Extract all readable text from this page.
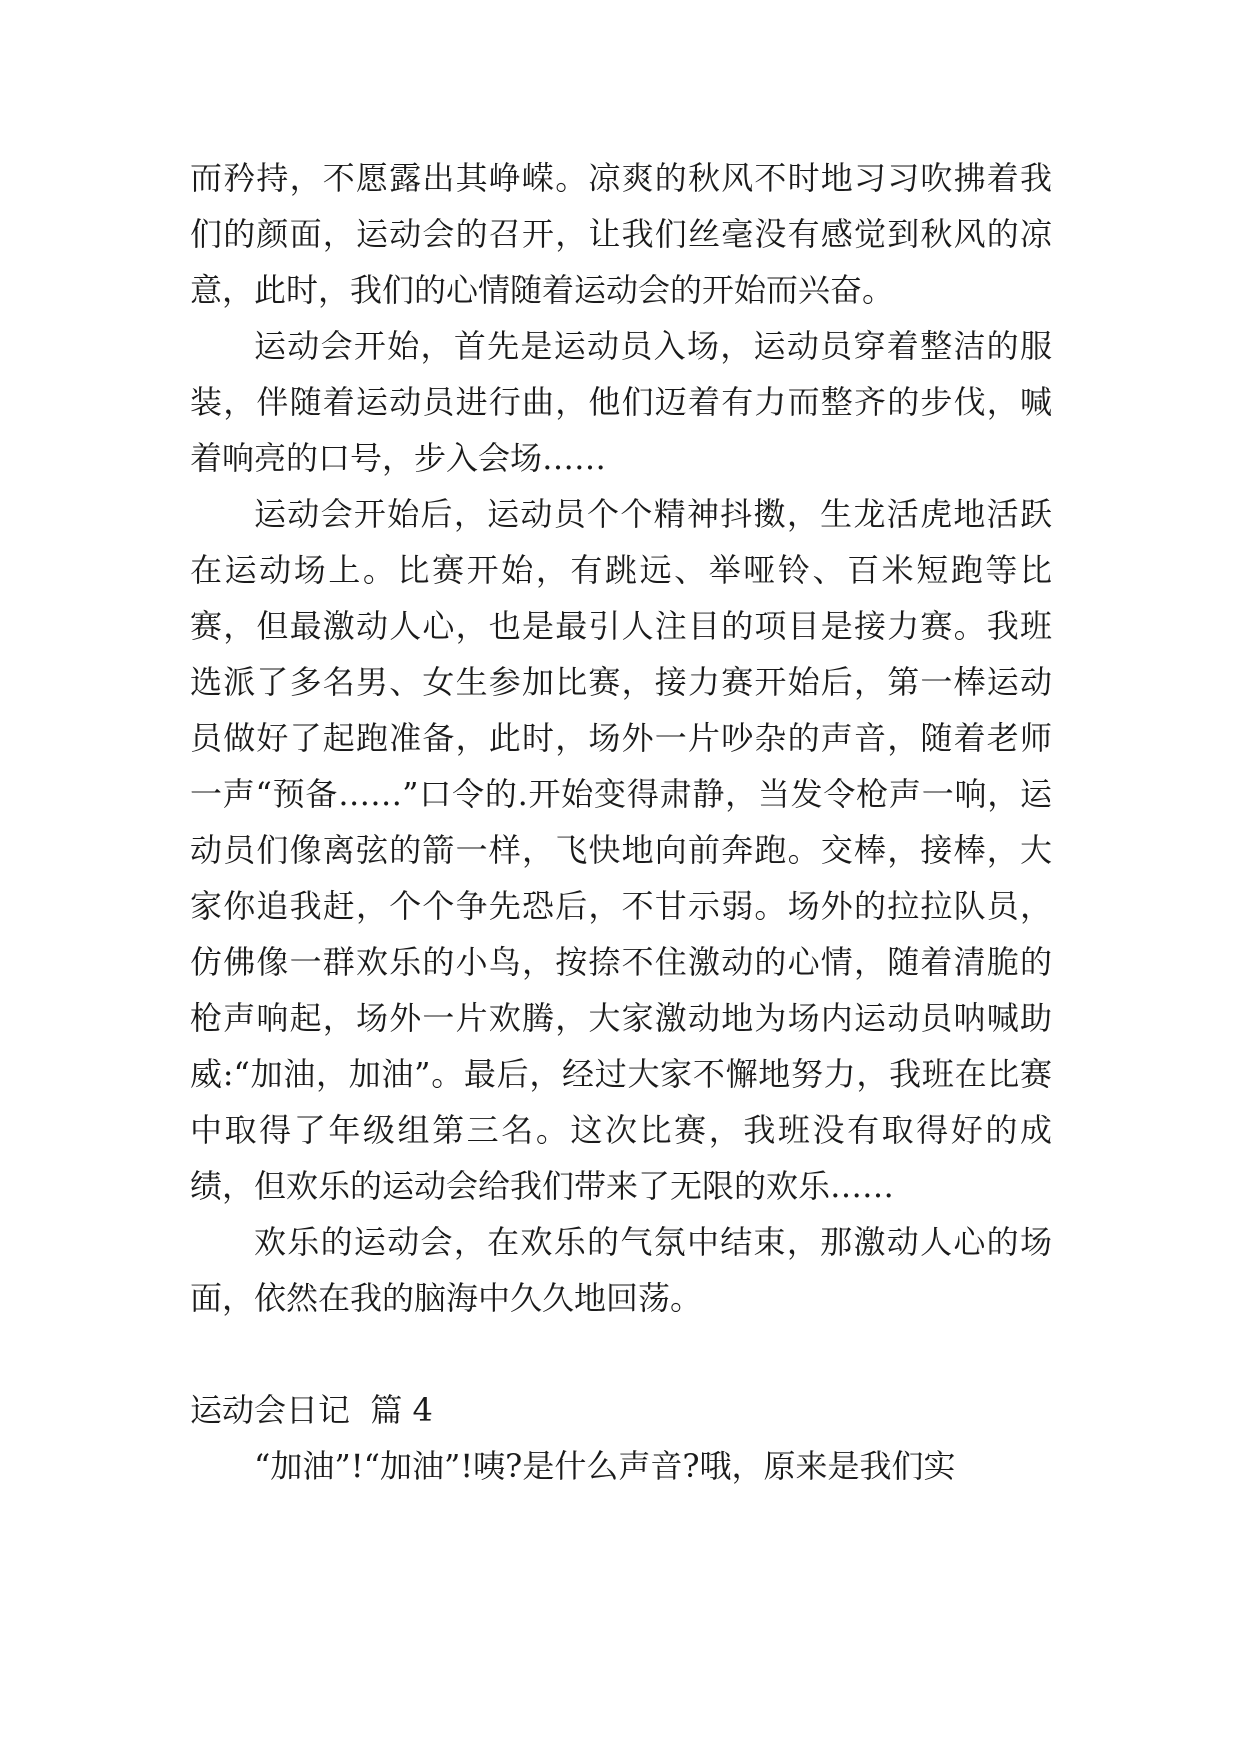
而矜持，不愿露出其峥嵘。凉爽的秋风不时地习习吹拂着我们的颜面，运动会的召开，让我们丝毫没有感觉到秋风的凉意，此时，我们的心情随着运动会的开始而兴奋。

运动会开始，首先是运动员入场，运动员穿着整洁的服装，伴随着运动员进行曲，他们迈着有力而整齐的步伐，喊着响亮的口号，步入会场……

运动会开始后，运动员个个精神抖擞，生龙活虎地活跃在运动场上。比赛开始，有跳远、举哑铃、百米短跑等比赛，但最激动人心，也是最引人注目的项目是接力赛。我班选派了多名男、女生参加比赛，接力赛开始后，第一棒运动员做好了起跑准备，此时，场外一片吵杂的声音，随着老师一声“预备……”口令的.开始变得肃静，当发令枪声一响，运动员们像离弦的箭一样，飞快地向前奔跑。交棒，接棒，大家你追我赶，个个争先恐后，不甘示弱。场外的拉拉队员，仿佛像一群欢乐的小鸟，按捺不住激动的心情，随着清脆的枪声响起，场外一片欢腾，大家激动地为场内运动员呐喊助威:“加油，加油”。最后，经过大家不懈地努力，我班在比赛中取得了年级组第三名。这次比赛，我班没有取得好的成绩，但欢乐的运动会给我们带来了无限的欢乐……

欢乐的运动会，在欢乐的气氛中结束，那激动人心的场面，依然在我的脑海中久久地回荡。

运动会日记  篇 4

“加油”!“加油”!咦?是什么声音?哦，原来是我们实
